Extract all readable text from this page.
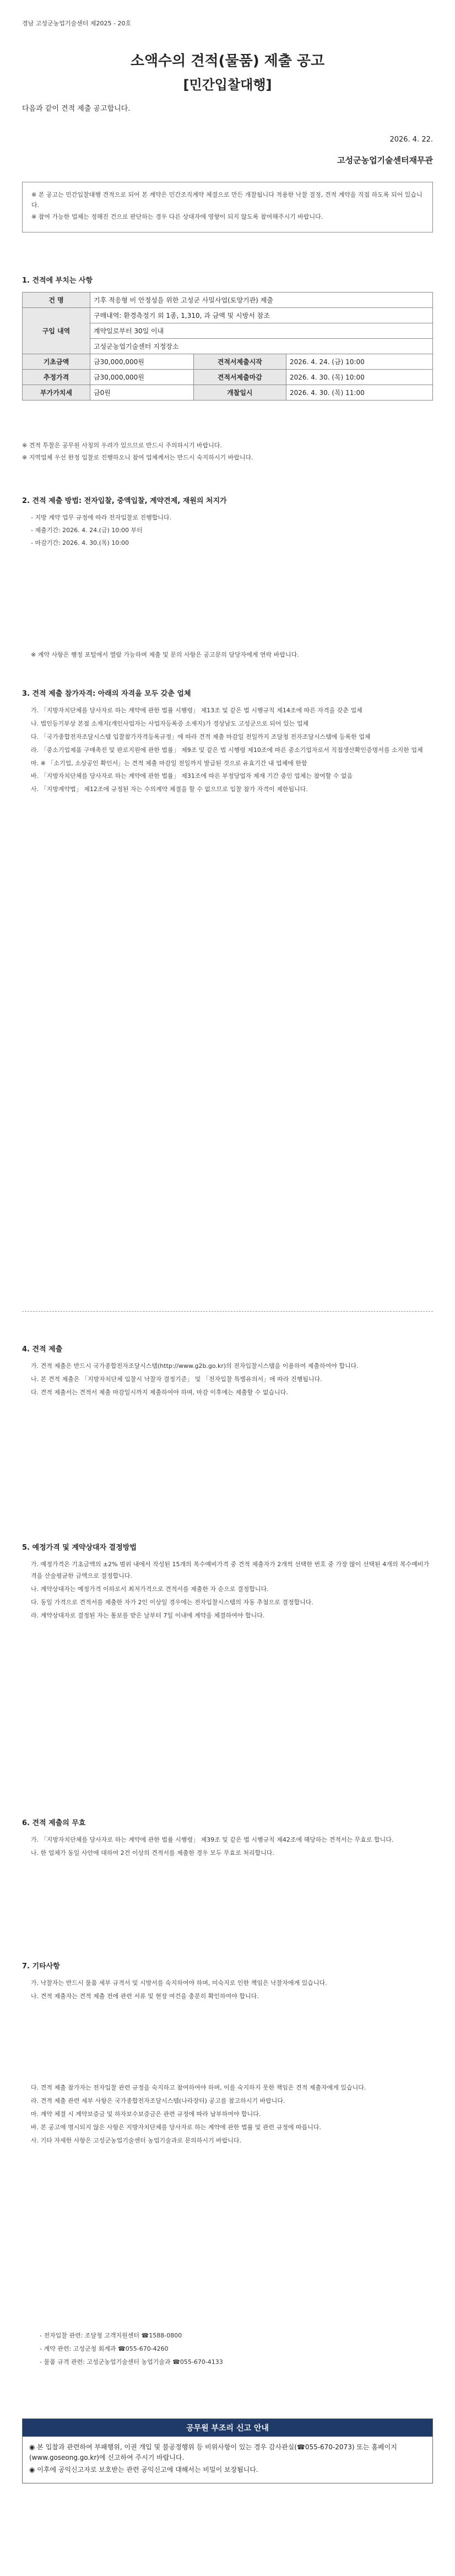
경남 고성군농업기술센터 제2025 - 20호
소액수의 견적(물품) 제출 공고
[민간입찰대행]
다음과 같이 견적 제출 공고합니다.
2026. 4. 22.
고성군농업기술센터재무관
※ 본 공고는 민간입찰대행 견적으로 되어 본 계약은 민간조직계약 체결으로 만든 개찰됩니다 적용한 낙찰 결정, 견적 계약을 직접 하도록 되어 있습니다.
※ 참여 가능한 업체는 정해진 건으로 판단하는 경우 다른 상대자에 영향이 되지 않도록 참여해주시기 바랍니다.
1. 견적에 부치는 사항
건 명	기후 적응형 비 안정성을 위한 고성군 사밀사업(토양기관) 제출		
구입 내역	구매내역: 환경측정기 외 1종, 1,310, 과 금액 및 시방서 참조		
	계약일로부터 30일 이내		
	고성군농업기술센터 지정장소		
기초금액	금30,000,000원	견적서제출시작	2026. 4. 24. (금) 10:00
추정가격	금30,000,000원	견적서제출마감	2026. 4. 30. (목) 10:00
부가가치세	금0원	개찰일시	2026. 4. 30. (목) 11:00
※ 견적 투찰은 공무원 사칭의 우려가 있으므로 반드시 주의하시기 바랍니다.
※ 지역업체 우선 한정 입찰로 진행하오니 참여 업체께서는 반드시 숙지하시기 바랍니다.
2. 견적 제출 방법: 전자입찰, 중액입찰, 계약견제, 재원의 처지가
- 지방 계약 업무 규정에 따라 전자입찰로 진행합니다.
- 제출기간: 2026. 4. 24.(금) 10:00 부터
- 마감기간: 2026. 4. 30.(목) 10:00
※ 계약 사항은 행정 포털에서 열람 가능하며 제출 및 문의 사항은 공고문의 담당자에게 연락 바랍니다.
3. 견적 제출 참가자격: 아래의 자격을 모두 갖춘 업체
가. 「지방자치단체를 당사자로 하는 계약에 관한 법률 시행령」 제13조 및 같은 법 시행규칙 제14조에 따른 자격을 갖춘 업체
나. 법인등기부상 본점 소재지(개인사업자는 사업자등록증 소재지)가 경상남도 고성군으로 되어 있는 업체
다. 「국가종합전자조달시스템 입찰참가자격등록규정」에 따라 견적 제출 마감일 전일까지 조달청 전자조달시스템에 등록한 업체
라. 「중소기업제품 구매촉진 및 판로지원에 관한 법률」 제9조 및 같은 법 시행령 제10조에 따른 중소기업자로서 직접생산확인증명서를 소지한 업체
마. ※ 「소기업, 소상공인 확인서」는 견적 제출 마감일 전일까지 발급된 것으로 유효기간 내 업체에 한함
바. 「지방자치단체를 당사자로 하는 계약에 관한 법률」 제31조에 따른 부정당업자 제재 기간 중인 업체는 참여할 수 없음
사. 「지방계약법」 제12조에 규정된 자는 수의계약 체결을 할 수 없으므로 입찰 참가 자격이 제한됩니다.
4. 견적 제출
가. 견적 제출은 반드시 국가종합전자조달시스템(http://www.g2b.go.kr)의 전자입찰시스템을 이용하여 제출하여야 합니다.
나. 본 견적 제출은 「지방자치단체 입찰시 낙찰자 결정기준」 및 「전자입찰 특별유의서」에 따라 진행됩니다.
다. 견적 제출서는 견적서 제출 마감일시까지 제출하여야 하며, 마감 이후에는 제출할 수 없습니다.
5. 예정가격 및 계약상대자 결정방법
가. 예정가격은 기초금액의 ±2% 범위 내에서 작성된 15개의 복수예비가격 중 견적 제출자가 2개씩 선택한 번호 중 가장 많이 선택된 4개의 복수예비가격을 산술평균한 금액으로 결정합니다.
나. 계약상대자는 예정가격 이하로서 최저가격으로 견적서를 제출한 자 순으로 결정합니다.
다. 동일 가격으로 견적서를 제출한 자가 2인 이상일 경우에는 전자입찰시스템의 자동 추첨으로 결정합니다.
라. 계약상대자로 결정된 자는 통보를 받은 날부터 7일 이내에 계약을 체결하여야 합니다.
6. 견적 제출의 무효
가. 「지방자치단체를 당사자로 하는 계약에 관한 법률 시행령」 제39조 및 같은 법 시행규칙 제42조에 해당하는 견적서는 무효로 합니다.
나. 한 업체가 동일 사안에 대하여 2건 이상의 견적서를 제출한 경우 모두 무효로 처리합니다.
7. 기타사항
가. 낙찰자는 반드시 물품 세부 규격서 및 시방서를 숙지하여야 하며, 미숙지로 인한 책임은 낙찰자에게 있습니다.
나. 견적 제출자는 견적 제출 전에 관련 서류 및 현장 여건을 충분히 확인하여야 합니다.
다. 견적 제출 참가자는 전자입찰 관련 규정을 숙지하고 참여하여야 하며, 이를 숙지하지 못한 책임은 견적 제출자에게 있습니다.
라. 견적 제출 관련 세부 사항은 국가종합전자조달시스템(나라장터) 공고를 참고하시기 바랍니다.
마. 계약 체결 시 계약보증금 및 하자보수보증금은 관련 규정에 따라 납부하여야 합니다.
바. 본 공고에 명시되지 않은 사항은 지방자치단체를 당사자로 하는 계약에 관한 법률 및 관련 규정에 따릅니다.
사. 기타 자세한 사항은 고성군농업기술센터 농업기술과로 문의하시기 바랍니다.
- 전자입찰 관련: 조달청 고객지원센터 ☎1588-0800
- 계약 관련: 고성군청 회계과 ☎055-670-4260
- 물품 규격 관련: 고성군농업기술센터 농업기술과 ☎055-670-4133
공무원 부조리 신고 안내
◉ 본 입찰과 관련하여 부패행위, 이권 개입 및 불공정행위 등 비위사항이 있는 경우 감사관실(☎055-670-2073) 또는 홈페이지(www.goseong.go.kr)에 신고하여 주시기 바랍니다.
◉ 이후에 공익신고자로 보호받는 관련 공익신고에 대해서는 비밀이 보장됩니다.
